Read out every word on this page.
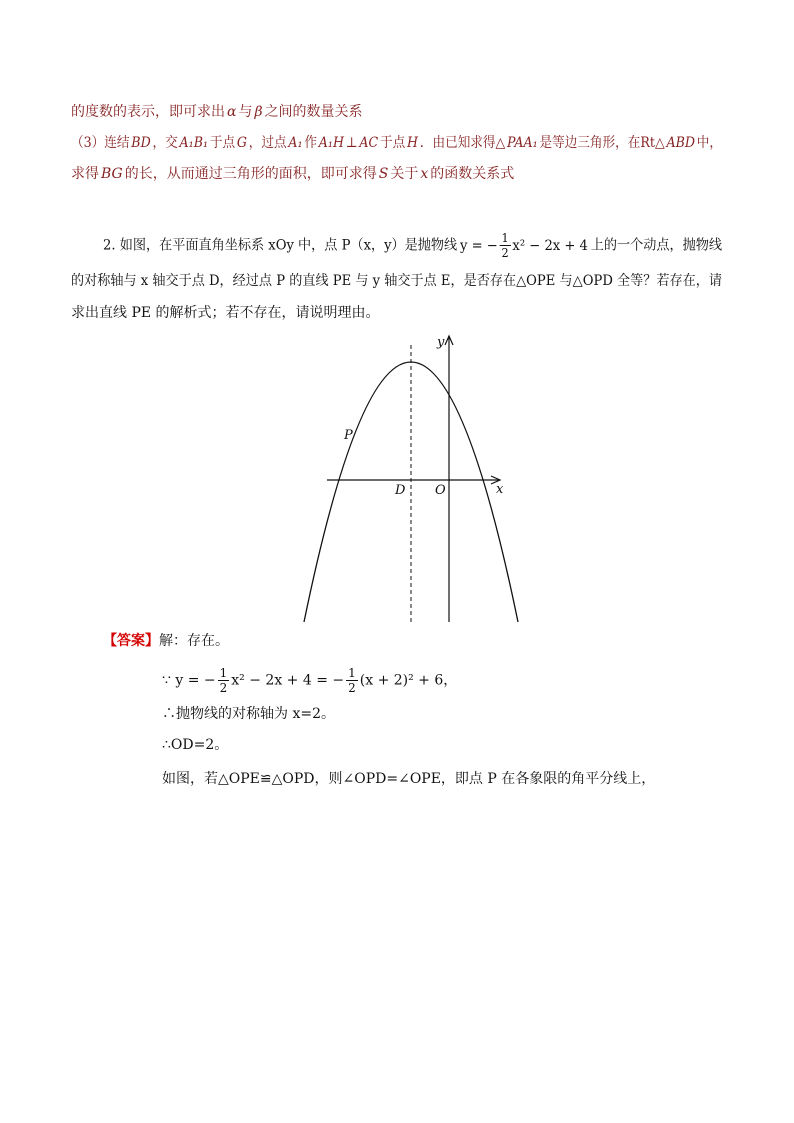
的度数的表示，即可求出 α 与 β 之间的数量关系
（3）连结 BD ，交 A₁B₁ 于点 G ，过点 A₁ 作 A₁H ⊥ AC 于点 H ．由已知求得△ PAA₁ 是等边三角形，在Rt△ ABD 中，
求得 BG 的长，从而通过三角形的面积，即可求得 S 关于 x 的函数关系式
2. 如图，在平面直角坐标系 xOy 中，点 P（x，y）是抛物线 y = − $\frac{1}{2} x^2 - 2x + 4$ 上的一个动点，抛物线
的对称轴与 x 轴交于点 D，经过点 P 的直线 PE 与 y 轴交于点 E，是否存在△OPE 与△OPD 全等？若存在，请
求出直线 PE 的解析式；若不存在，请说明理由。
y
x
P
D O
【答案】解：存在。
∵ y = − $\frac{1}{2} x^2 - 2x + 4$ = − $\frac{1}{2} (x + 2)^2 + 6$，
∴抛物线的对称轴为 x=2。
∴OD=2。
如图，若△OPE≌△OPD，则∠OPD=∠OPE，即点 P 在各象限的角平分线上，
